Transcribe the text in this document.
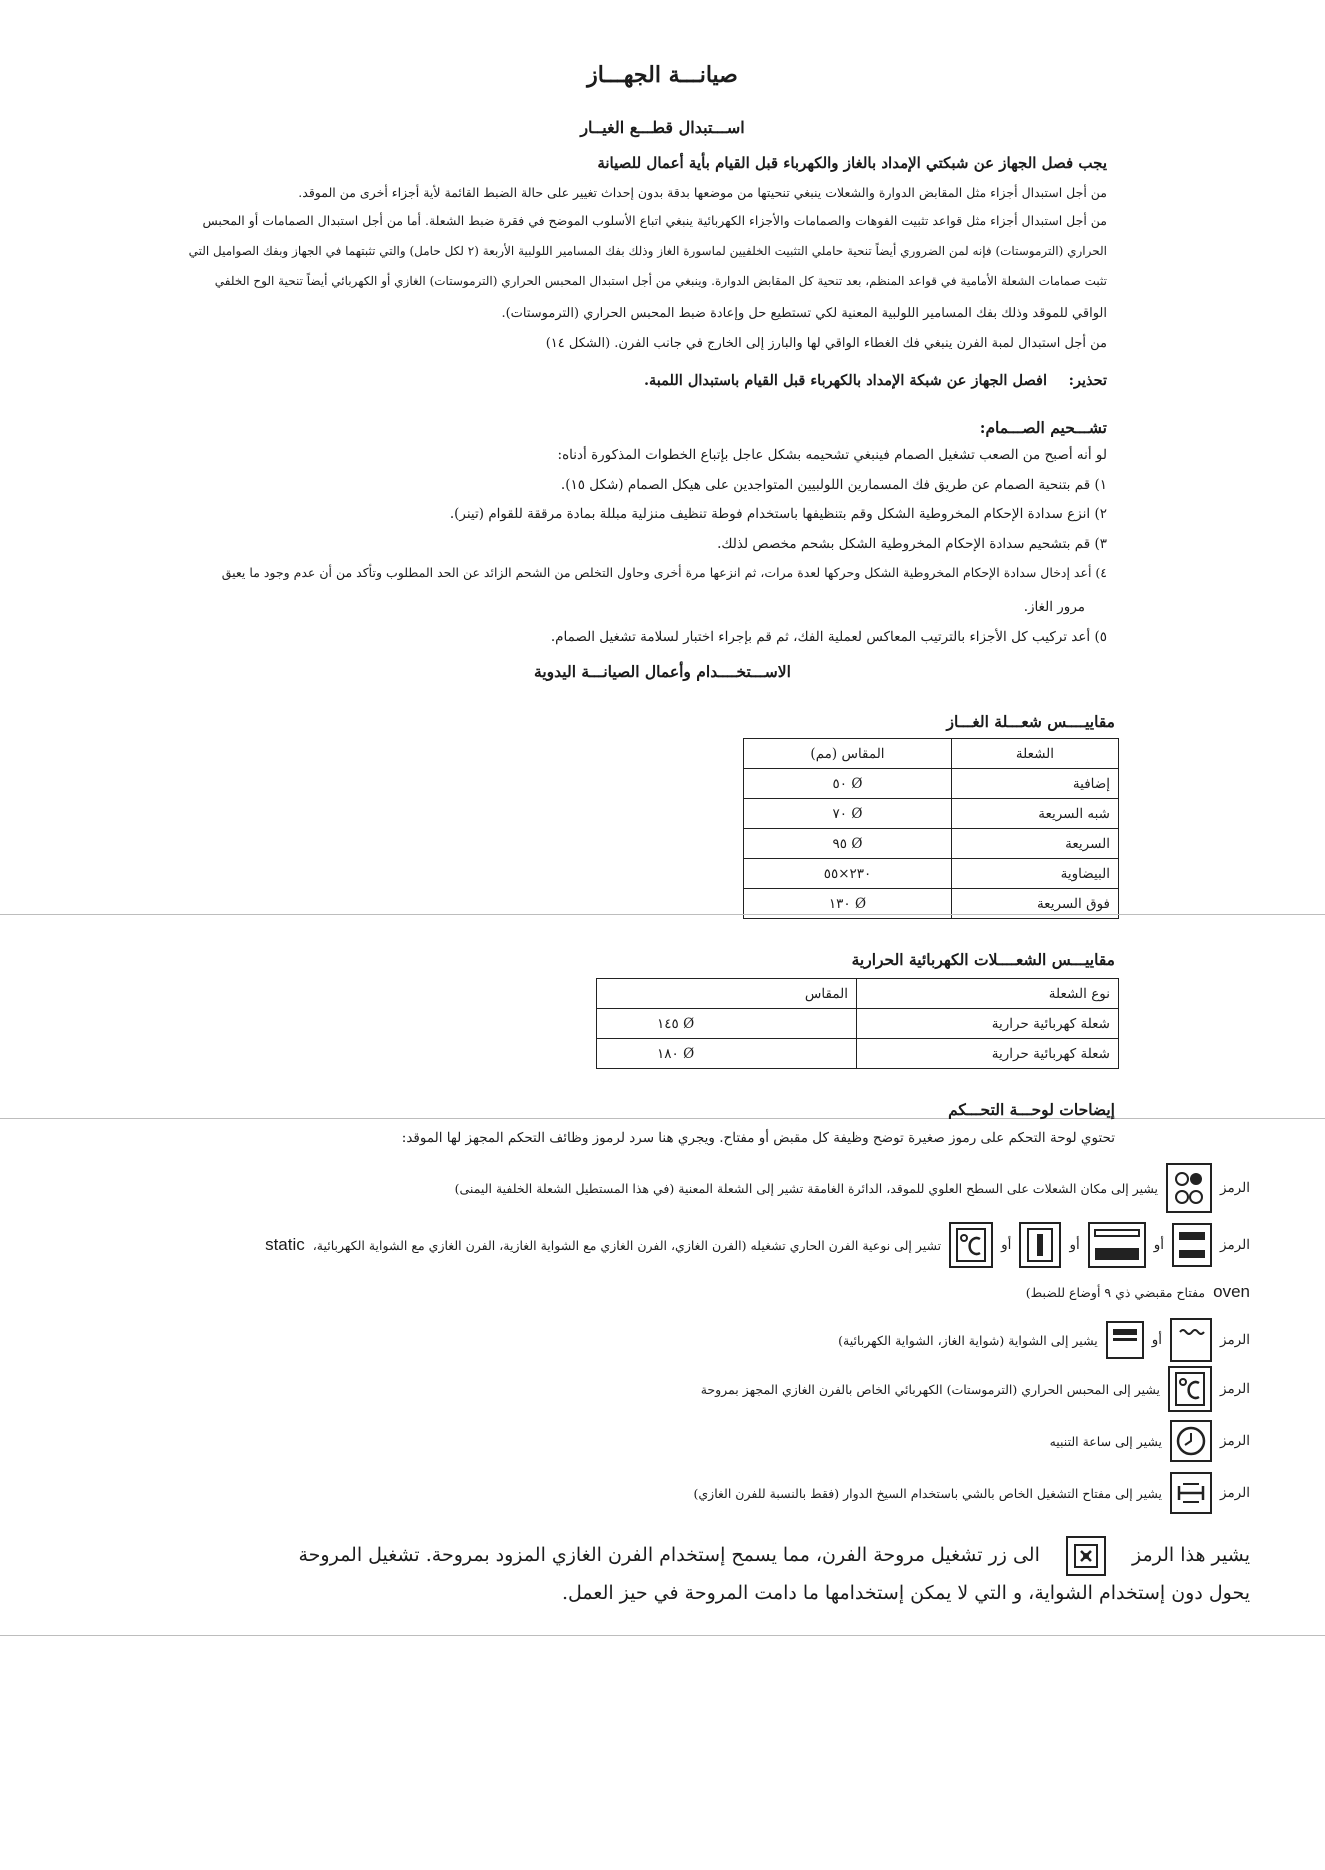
صيانـــة الجهـــاز
اســـتبدال قطـــع الغيــار
يجب فصل الجهاز عن شبكتي الإمداد بالغاز والكهرباء قبل القيام بأية أعمال للصيانة
من أجل استبدال أجزاء مثل المقابض الدوارة والشعلات ينبغي تنحيتها من موضعها بدقة بدون إحداث تغيير على حالة الضبط القائمة لأية أجزاء أخرى من الموقد.
من أجل استبدال أجزاء مثل قواعد تثبيت الفوهات والصمامات والأجزاء الكهربائية ينبغي اتباع الأسلوب الموضح في فقرة ضبط الشعلة. أما من أجل استبدال الصمامات أو المحبس
الحراري (الترموستات) فإنه لمن الضروري أيضاً تنحية حاملي التثبيت الخلفيين لماسورة الغاز وذلك بفك المسامير اللولبية الأربعة (٢ لكل حامل) والتي تثبتهما في الجهاز وبفك الصواميل التي
تثبت صمامات الشعلة الأمامية في قواعد المنظم، بعد تنحية كل المقابض الدوارة. وينبغي من أجل استبدال المحبس الحراري (الترموستات) الغازي أو الكهربائي أيضاً تنحية الوح الخلفي
الواقي للموقد وذلك بفك المسامير اللولبية المعنية لكي تستطيع حل وإعادة ضبط المحبس الحراري (الترموستات).
من أجل استبدال لمبة الفرن ينبغي فك الغطاء الواقي لها والبارز إلى الخارج في جانب الفرن. (الشكل ١٤)
تحذير:
افصل الجهاز عن شبكة الإمداد بالكهرباء قبل القيام باستبدال اللمبة.
تشـــحيم الصـــمام:
لو أنه أصبح من الصعب تشغيل الصمام فينبغي تشحيمه بشكل عاجل بإتباع الخطوات المذكورة أدناه:
١) قم بتنحية الصمام عن طريق فك المسمارين اللولبيين المتواجدين على هيكل الصمام (شكل ١٥).
٢) انزع سدادة الإحكام المخروطية الشكل وقم بتنظيفها باستخدام فوطة تنظيف منزلية مبللة بمادة مرققة للقوام (تينر).
٣) قم بتشحيم سدادة الإحكام المخروطية الشكل بشحم مخصص لذلك.
٤) أعد إدخال سدادة الإحكام المخروطية الشكل وحركها لعدة مرات، ثم انزعها مرة أخرى وحاول التخلص من الشحم الزائد عن الحد المطلوب وتأكد من أن عدم وجود ما يعيق
مرور الغاز.
٥) أعد تركيب كل الأجزاء بالترتيب المعاكس لعملية الفك، ثم قم بإجراء اختبار لسلامة تشغيل الصمام.
الاســـتخــــدام وأعمال الصيانـــة اليدوية
مقاييــــس شعـــلة الغـــاز
الشعلة	المقاس (مم)
إضافية	Ø ٥٠
شبه السريعة	Ø ٧٠
السريعة	Ø ٩٥
البيضاوية	٢٣٠×٥٥
فوق السريعة	Ø ١٣٠
مقاييـــس الشعــــلات الكهربائية الحرارية
نوع الشعلة	المقاس
شعلة كهربائية حرارية	Ø ١٤٥
شعلة كهربائية حرارية	Ø ١٨٠
إيضاحات لوحـــة التحـــكم
تحتوي لوحة التحكم على رموز صغيرة توضح وظيفة كل مقبض أو مفتاح. ويجري هنا سرد لرموز وظائف التحكم المجهز لها الموقد:
الرمز
يشير إلى مكان الشعلات على السطح العلوي للموقد، الدائرة الغامقة تشير إلى الشعلة المعنية (في هذا المستطيل الشعلة الخلفية اليمنى)
الرمز
أو
أو
أو
تشير إلى نوعية الفرن الحاري تشغيله (الفرن الغازي، الفرن الغازي مع الشواية الغازية، الفرن الغازي مع الشواية الكهربائية،
static
oven
مفتاح مقبضي ذي ٩ أوضاع للضبط)
الرمز
أو
يشير إلى الشواية (شواية الغاز، الشواية الكهربائية)
الرمز
يشير إلى المحبس الحراري (الترموستات) الكهربائي الخاص بالفرن الغازي المجهز بمروحة
الرمز
يشير إلى ساعة التنبيه
الرمز
يشير إلى مفتاح التشغيل الخاص بالشي باستخدام السيخ الدوار (فقط بالنسبة للفرن الغازي)
يشير هذا الرمز
الى زر تشغيل مروحة الفرن، مما يسمح إستخدام الفرن الغازي المزود بمروحة. تشغيل المروحة
يحول دون إستخدام الشواية، و التي لا يمكن إستخدامها ما دامت المروحة في حيز العمل.
